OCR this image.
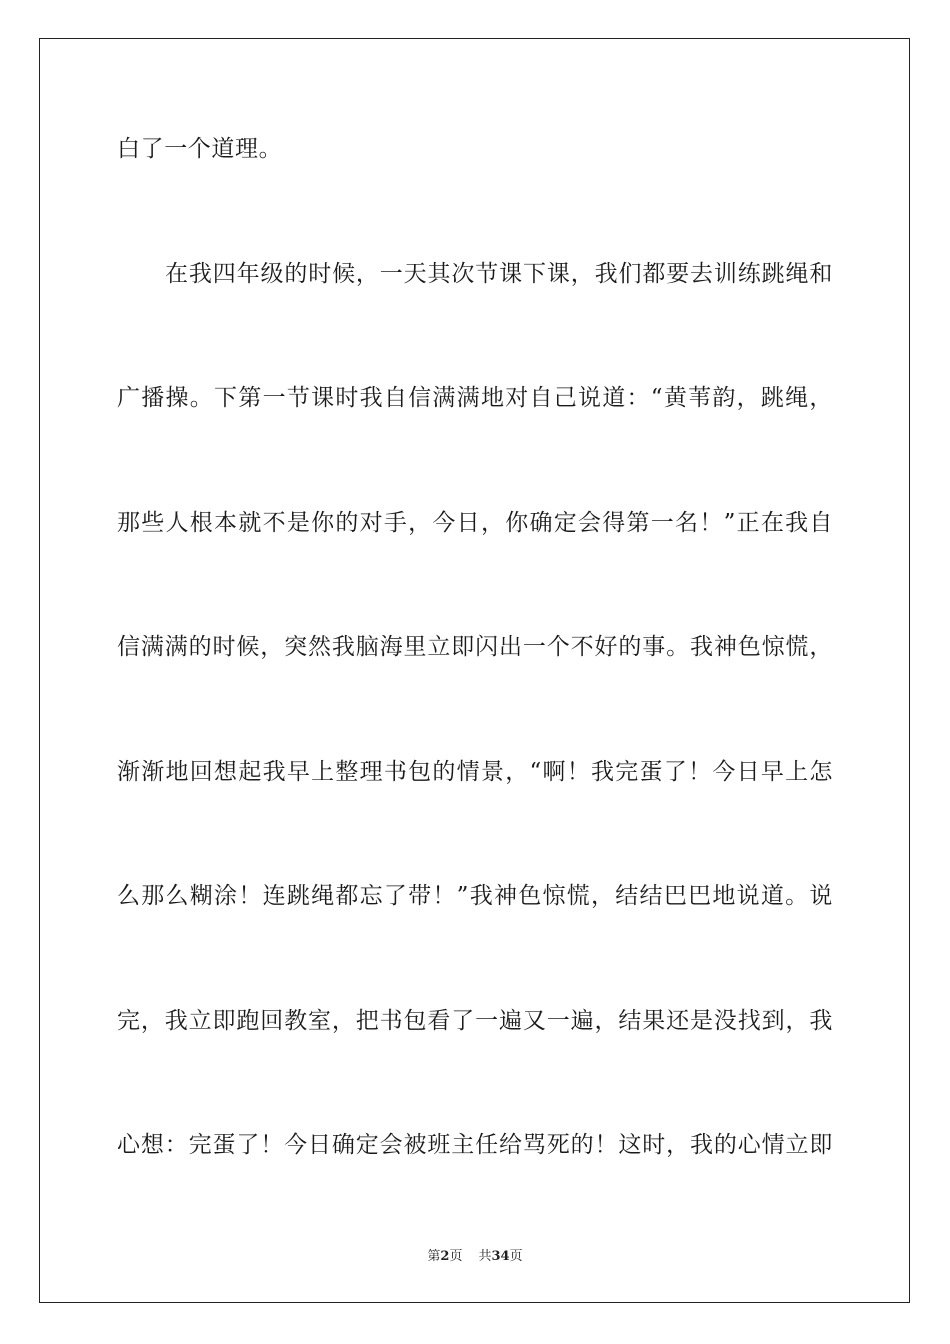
白了一个道理。
在我四年级的时候，一天其次节课下课，我们都要去训练跳绳和
广播操。下第一节课时我自信满满地对自己说道：“黄苇韵，跳绳，
那些人根本就不是你的对手，今日，你确定会得第一名！”正在我自
信满满的时候，突然我脑海里立即闪出一个不好的事。我神色惊慌，
渐渐地回想起我早上整理书包的情景，“啊！我完蛋了！今日早上怎
么那么糊涂！连跳绳都忘了带！”我神色惊慌，结结巴巴地说道。说
完，我立即跑回教室，把书包看了一遍又一遍，结果还是没找到，我
心想：完蛋了！今日确定会被班主任给骂死的！这时，我的心情立即
第2页 共34页
